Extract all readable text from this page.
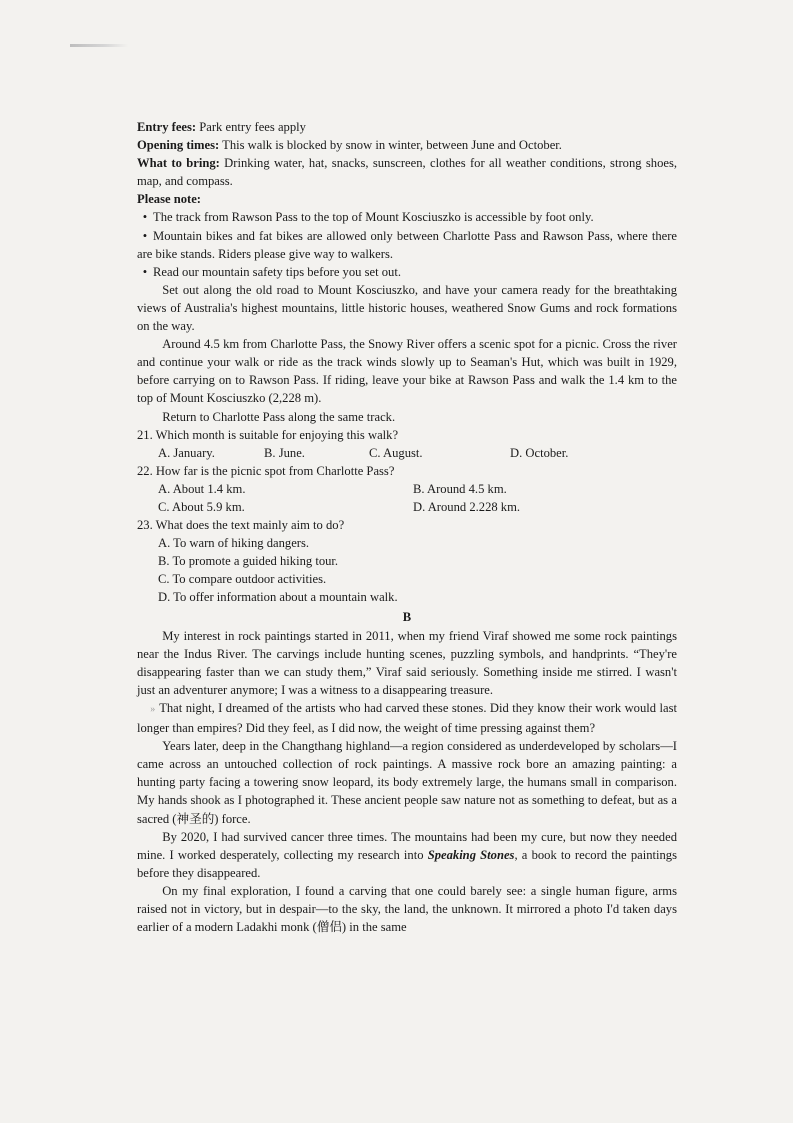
Entry fees: Park entry fees apply

Opening times: This walk is blocked by snow in winter, between June and October.

What to bring: Drinking water, hat, snacks, sunscreen, clothes for all weather conditions, strong shoes, map, and compass.

Please note:

• The track from Rawson Pass to the top of Mount Kosciuszko is accessible by foot only.

• Mountain bikes and fat bikes are allowed only between Charlotte Pass and Rawson Pass, where there are bike stands. Riders please give way to walkers.

• Read our mountain safety tips before you set out.

Set out along the old road to Mount Kosciuszko, and have your camera ready for the breathtaking views of Australia's highest mountains, little historic houses, weathered Snow Gums and rock formations on the way.

Around 4.5 km from Charlotte Pass, the Snowy River offers a scenic spot for a picnic. Cross the river and continue your walk or ride as the track winds slowly up to Seaman's Hut, which was built in 1929, before carrying on to Rawson Pass. If riding, leave your bike at Rawson Pass and walk the 1.4 km to the top of Mount Kosciuszko (2,228 m).

Return to Charlotte Pass along the same track.

21. Which month is suitable for enjoying this walk?

A. January.	B. June.	C. August.	D. October.

22. How far is the picnic spot from Charlotte Pass?

A. About 1.4 km.	B. Around 4.5 km.
C. About 5.9 km.	D. Around 2.228 km.

23. What does the text mainly aim to do?

A. To warn of hiking dangers.

B. To promote a guided hiking tour.

C. To compare outdoor activities.

D. To offer information about a mountain walk.

B

My interest in rock paintings started in 2011, when my friend Viraf showed me some rock paintings near the Indus River. The carvings include hunting scenes, puzzling symbols, and handprints. “They're disappearing faster than we can study them,” Viraf said seriously. Something inside me stirred. I wasn't just an adventurer anymore; I was a witness to a disappearing treasure.

» That night, I dreamed of the artists who had carved these stones. Did they know their work would last longer than empires? Did they feel, as I did now, the weight of time pressing against them?

Years later, deep in the Changthang highland—a region considered as underdeveloped by scholars—I came across an untouched collection of rock paintings. A massive rock bore an amazing painting: a hunting party facing a towering snow leopard, its body extremely large, the humans small in comparison. My hands shook as I photographed it. These ancient people saw nature not as something to defeat, but as a sacred (神圣的) force.

By 2020, I had survived cancer three times. The mountains had been my cure, but now they needed mine. I worked desperately, collecting my research into Speaking Stones, a book to record the paintings before they disappeared.

On my final exploration, I found a carving that one could barely see: a single human figure, arms raised not in victory, but in despair—to the sky, the land, the unknown. It mirrored a photo I'd taken days earlier of a modern Ladakhi monk (僧侣) in the same
